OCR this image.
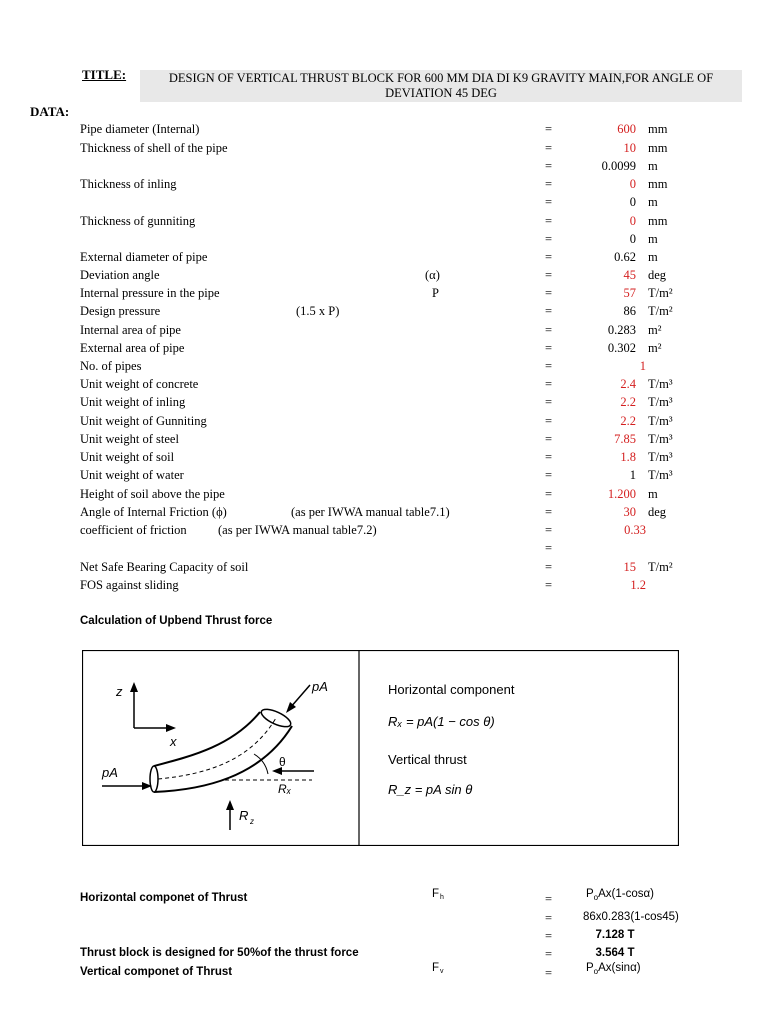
TITLE:	DESIGN OF VERTICAL THRUST BLOCK FOR 600 MM DIA DI K9 GRAVITY MAIN,FOR ANGLE OF DEVIATION 45 DEG
DATA:
Pipe diameter (Internal)	=	600 mm
Thickness of shell of the pipe	=	10 mm
=	0.0099 m
Thickness of inling	=	0 mm
=	0 m
Thickness of gunniting	=	0 mm
=	0 m
External diameter of pipe	=	0.62 m
Deviation angle	(α)	=	45 deg
Internal pressure in the pipe	P	=	57 T/m²
Design pressure	(1.5 x P)	=	86 T/m²
Internal area of pipe	=	0.283 m²
External area of pipe	=	0.302 m²
No. of pipes	=	1
Unit weight of concrete	=	2.4 T/m³
Unit weight of inling	=	2.2 T/m³
Unit weight of Gunniting	=	2.2 T/m³
Unit weight of steel	=	7.85 T/m³
Unit weight of soil	=	1.8 T/m³
Unit weight of water	=	1 T/m³
Height of soil above the pipe	=	1.200 m
Angle of Internal Friction (ϕ)	(as per IWWA manual table7.1)	=	30 deg
coefficient of friction	(as per IWWA manual table7.2)	=	0.33
=
Net Safe Bearing Capacity of soil	=	15 T/m²
FOS against sliding	=	1.2
Calculation of Upbend Thrust force
z
x
pA
pA
θ
Rₓ
R z
Horizontal component
Rₓ = pA(1 − cos θ)
Vertical thrust
R_z = pA sin θ
Horizontal componet of Thrust	F h	=	$P_oAx(1-\cos\alpha)$
=	86x0.283(1-cos45)
=	7.128 T
Thrust block is designed for 50%of the thrust force	=	3.564 T
Vertical componet of Thrust	F v	=	$P_oAx(\sin\alpha)$
